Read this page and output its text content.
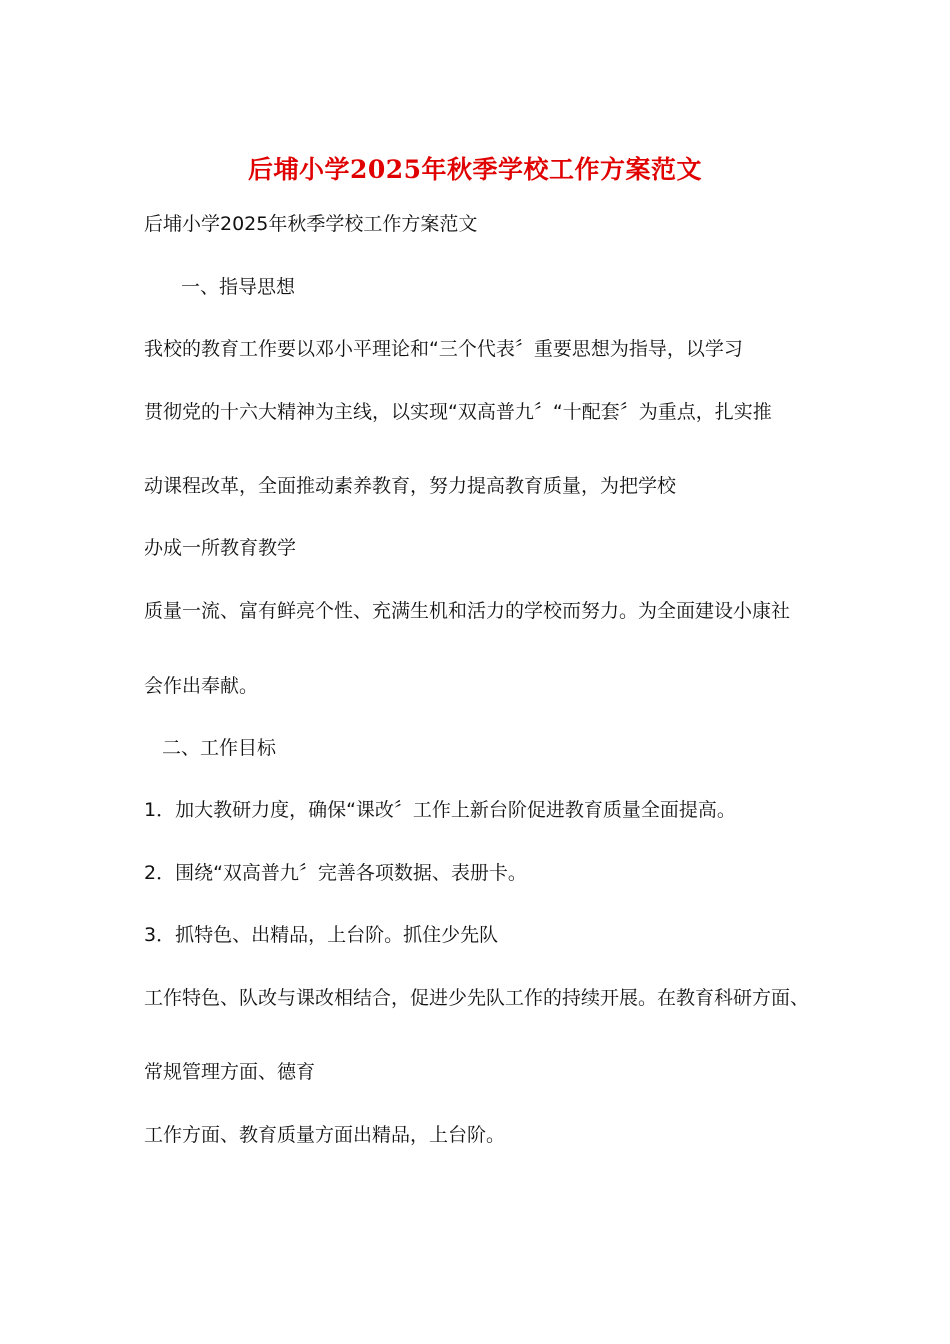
后埔小学2025年秋季学校工作方案范文
后埔小学2025年秋季学校工作方案范文
一、指导思想
我校的教育工作要以邓小平理论和“三个代表〞重要思想为指导，以学习
贯彻党的十六大精神为主线，以实现“双高普九〞“十配套〞为重点，扎实推
动课程改革，全面推动素养教育，努力提高教育质量，为把学校
办成一所教育教学
质量一流、富有鲜亮个性、充满生机和活力的学校而努力。为全面建设小康社
会作出奉献。
二、工作目标
1．加大教研力度，确保“课改〞工作上新台阶促进教育质量全面提高。
2．围绕“双高普九〞完善各项数据、表册卡。
3．抓特色、出精品，上台阶。抓住少先队
工作特色、队改与课改相结合，促进少先队工作的持续开展。在教育科研方面、
常规管理方面、德育
工作方面、教育质量方面出精品，上台阶。
